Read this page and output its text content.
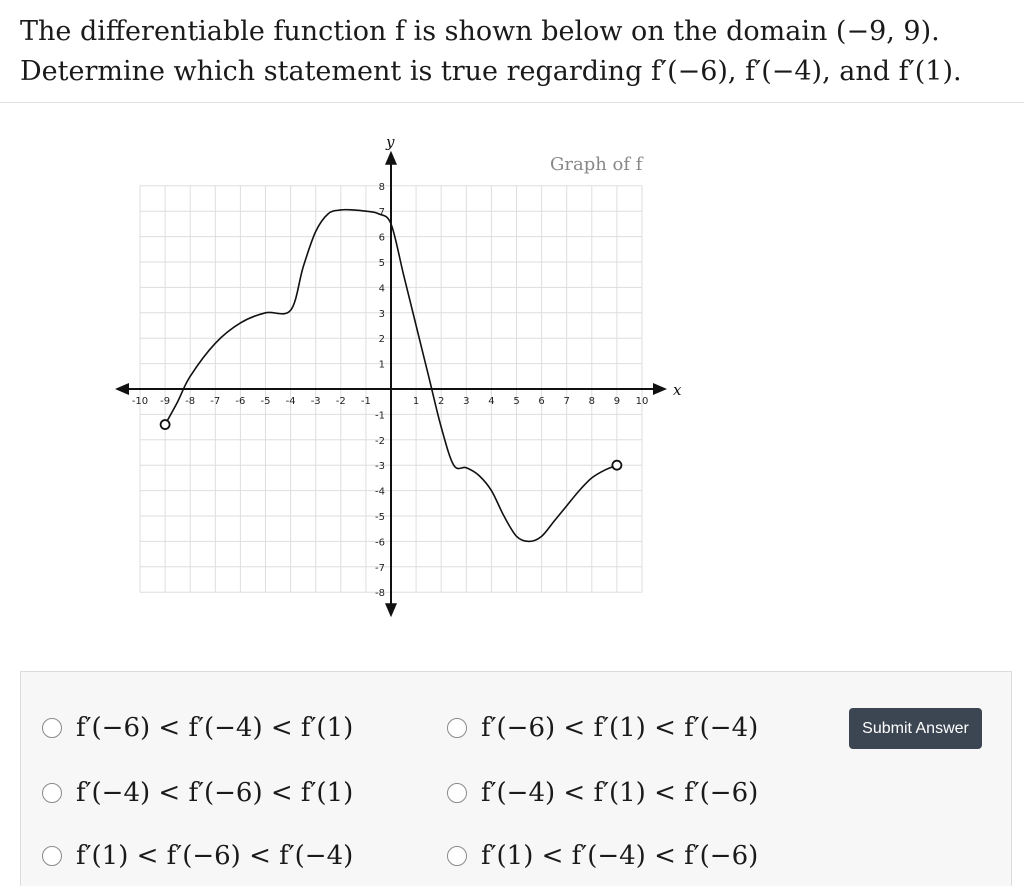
The differentiable function f is shown below on the domain (−9, 9). Determine which statement is true regarding f′(−6), f′(−4), and f′(1).
Graph of f
x
y
-10 -9 -8 -7 -6 -5 -4 -3 -2 -1	1 2 3 4 5 6 7 8 9 10
-8
-7
-6
-5
-4
-3
-2
-1
1
2
3
4
5
6
7
8
f′(−6) < f′(−4) < f′(1)	f′(−6) < f′(1) < f′(−4)
f′(−4) < f′(−6) < f′(1)	f′(−4) < f′(1) < f′(−6)
f′(1) < f′(−6) < f′(−4)	f′(1) < f′(−4) < f′(−6)
Submit Answer
